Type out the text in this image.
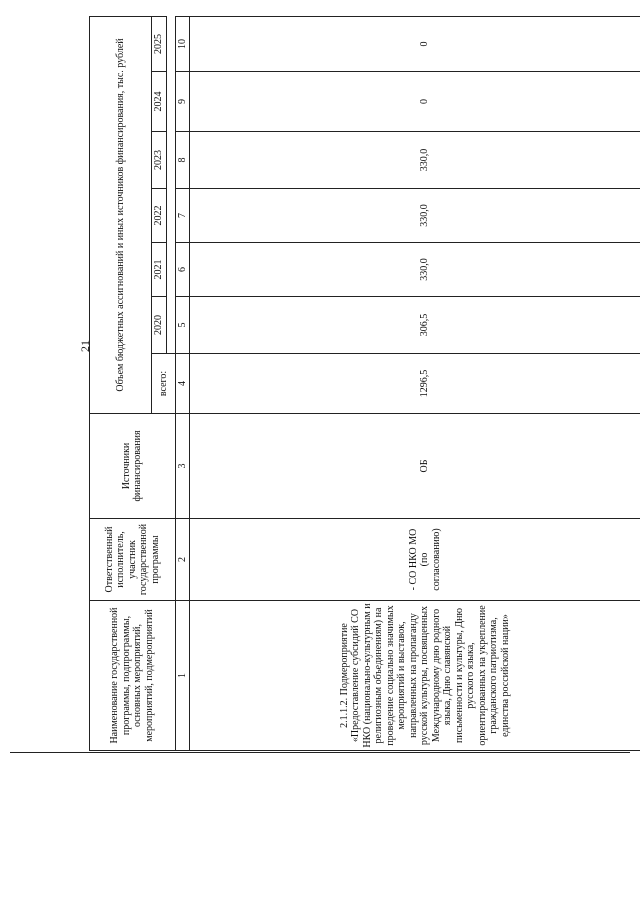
21
Наименование государственной программы, подпрограммы, основных мероприятий, мероприятий, подмероприятий	Ответственный исполнитель, участник государственной программы	Источники финансирования	Объем бюджетных ассигнований и иных источников финансирования, тыс. рублей						
			всего:	2020	2021	2022	2023	2024	2025

1	2	3	4	5	6	7	8	9	10
2.1.1.2. Подмероприятие «Предоставление субсидий СО НКО (национально-культурным и религиозным объединениям) на проведение социально значимых мероприятий и выставок, направленных на пропаганду русской культуры, посвященных Международному дню родного языка, Дню славянской письменности и культуры, Дню русского языка, ориентированных на укрепление гражданского патриотизма, единства российской нации»	- СО НКО МО (по согласованию)	ОБ	1296,5	306,5	330,0	330,0	330,0	0	0
